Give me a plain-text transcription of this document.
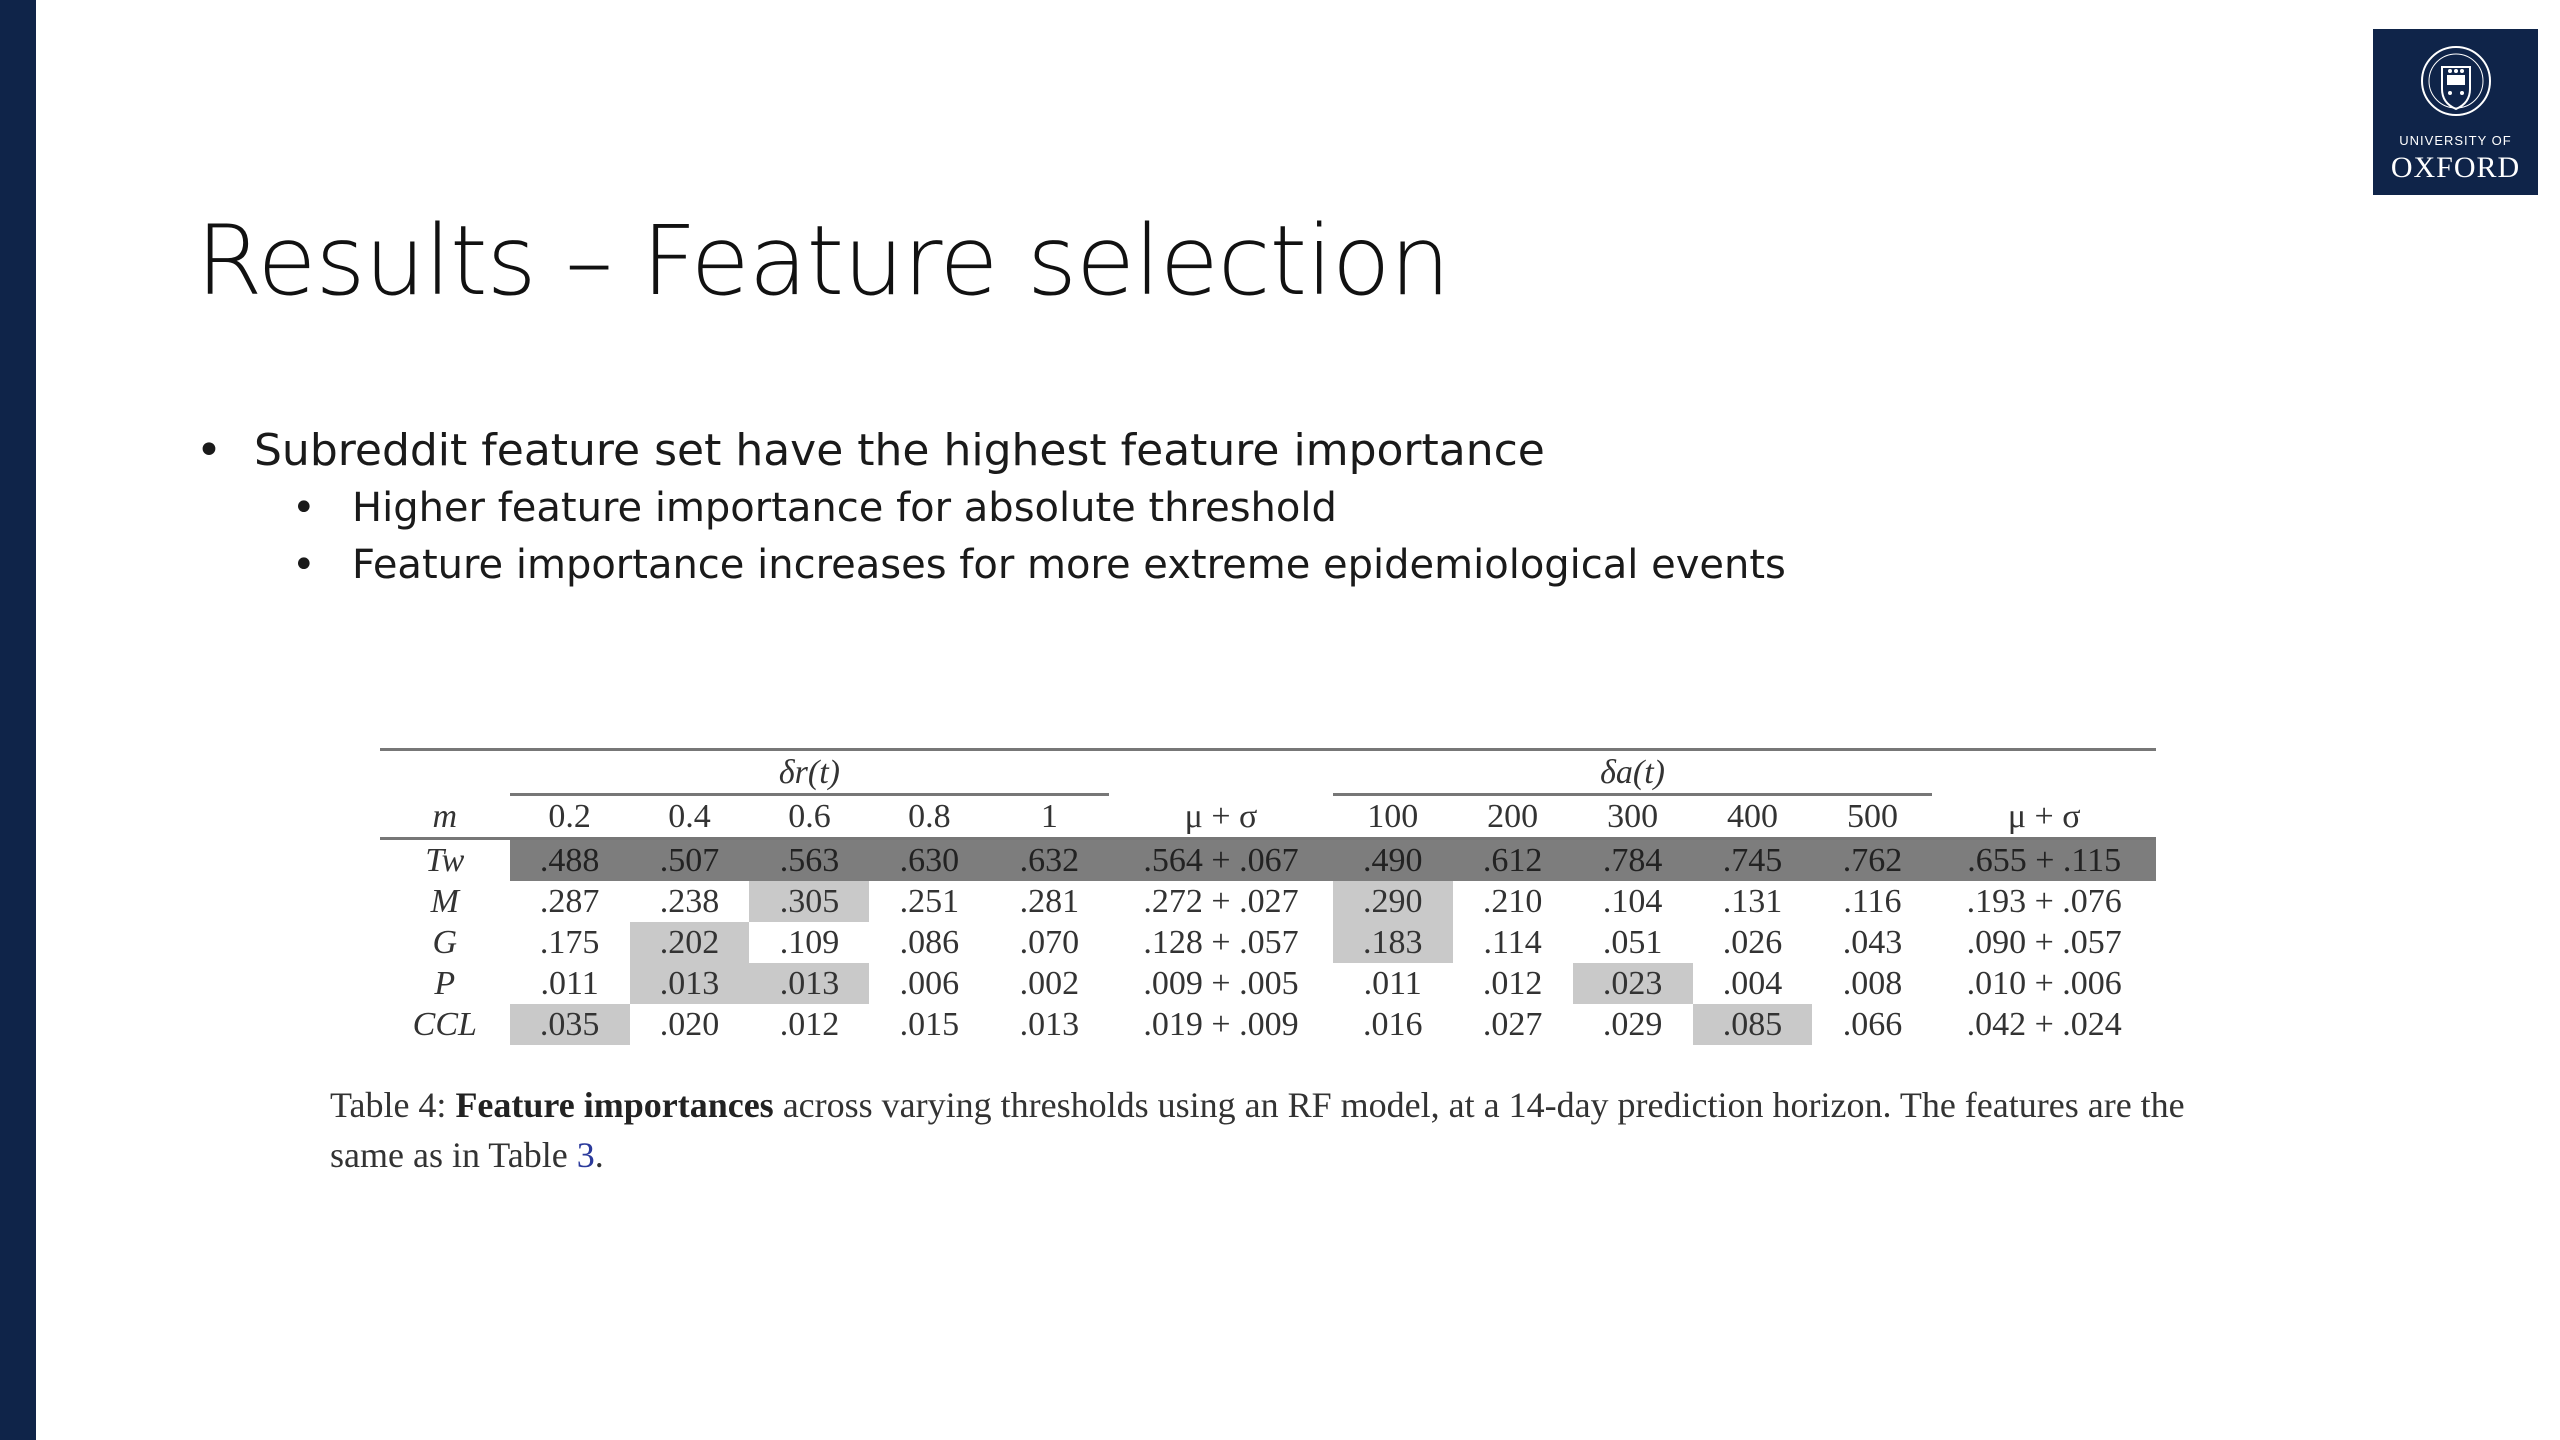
UNIVERSITY OF
OXFORD
Results – Feature selection
• Subreddit feature set have the highest feature importance
• Higher feature importance for absolute threshold
• Feature importance increases for more extreme epidemiological events
	δr(t)						δa(t)					
m	0.2	0.4	0.6	0.8	1	μ + σ	100	200	300	400	500	μ + σ
Tw	.488	.507	.563	.630	.632	.564 + .067	.490	.612	.784	.745	.762	.655 + .115
M	.287	.238	.305	.251	.281	.272 + .027	.290	.210	.104	.131	.116	.193 + .076
G	.175	.202	.109	.086	.070	.128 + .057	.183	.114	.051	.026	.043	.090 + .057
P	.011	.013	.013	.006	.002	.009 + .005	.011	.012	.023	.004	.008	.010 + .006
CCL	.035	.020	.012	.015	.013	.019 + .009	.016	.027	.029	.085	.066	.042 + .024
Table 4: Feature importances across varying thresholds using an RF model, at a 14-day prediction horizon. The features are the same as in Table 3.
